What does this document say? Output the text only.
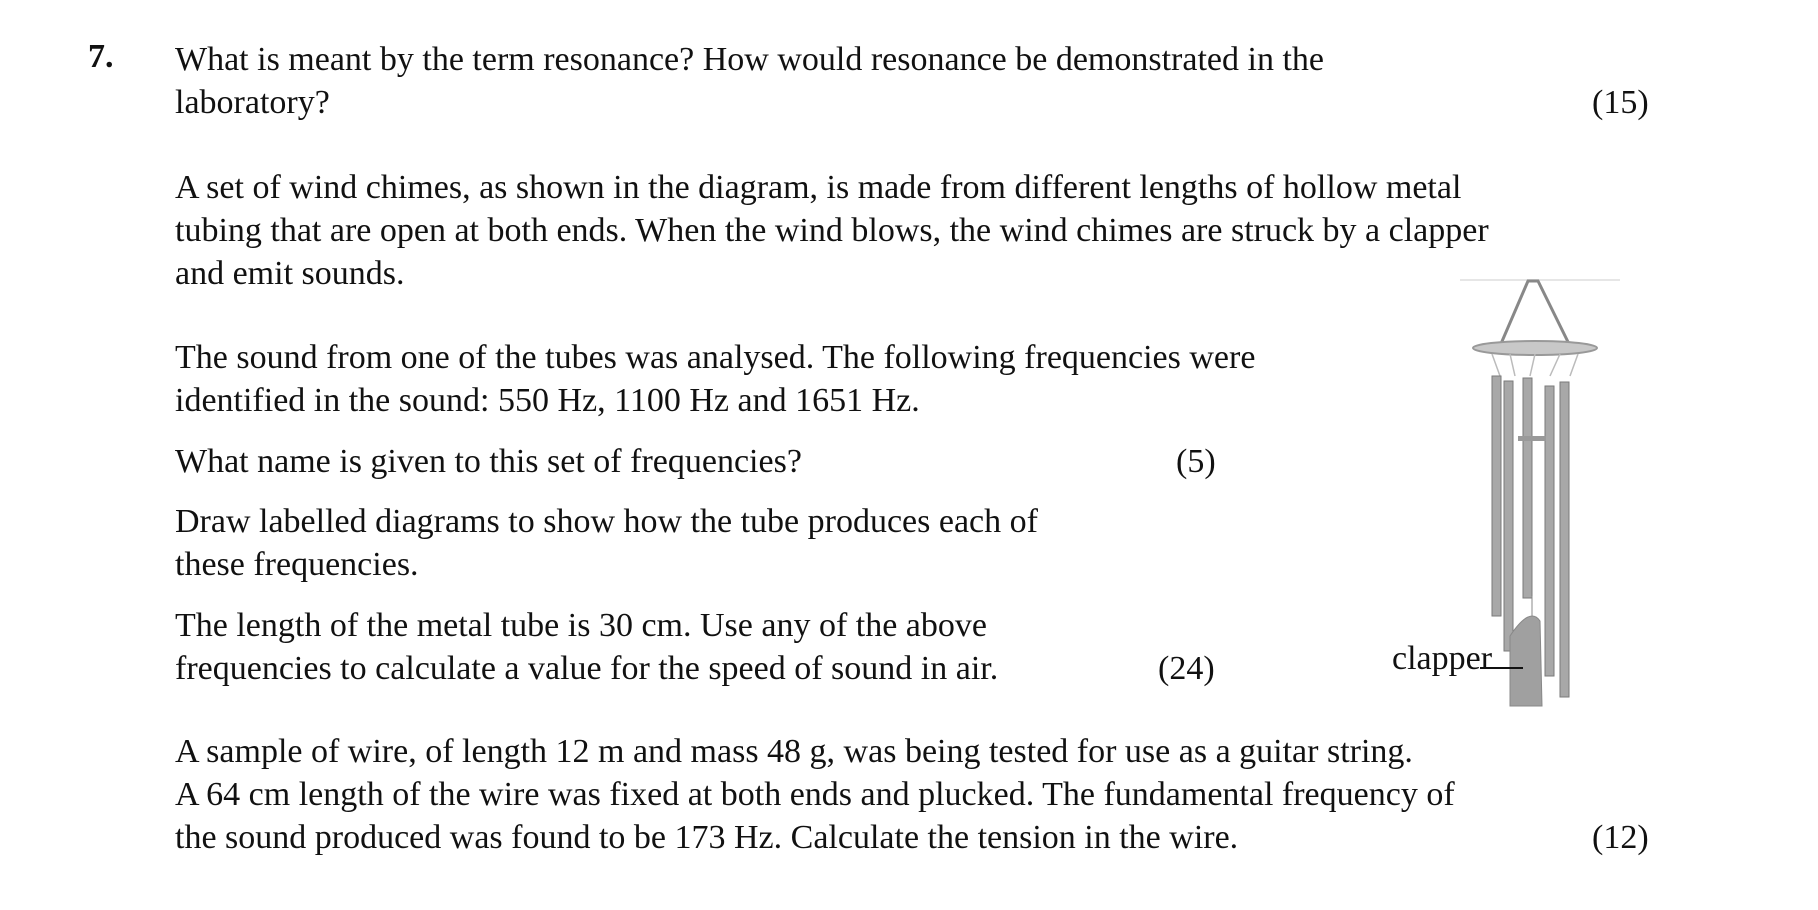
7. What is meant by the term resonance? How would resonance be demonstrated in the

laboratory?	(15)

A set of wind chimes, as shown in the diagram, is made from different lengths of hollow metal

tubing that are open at both ends. When the wind blows, the wind chimes are struck by a clapper

and emit sounds.

The sound from one of the tubes was analysed. The following frequencies were

identified in the sound: 550 Hz, 1100 Hz and 1651 Hz.

What name is given to this set of frequencies?	(5)

Draw labelled diagrams to show how the tube produces each of

these frequencies.

The length of the metal tube is 30 cm. Use any of the above

frequencies to calculate a value for the speed of sound in air.	(24)

A sample of wire, of length 12 m and mass 48 g, was being tested for use as a guitar string.

A 64 cm length of the wire was fixed at both ends and plucked. The fundamental frequency of

the sound produced was found to be 173 Hz. Calculate the tension in the wire.	(12)
clapper
